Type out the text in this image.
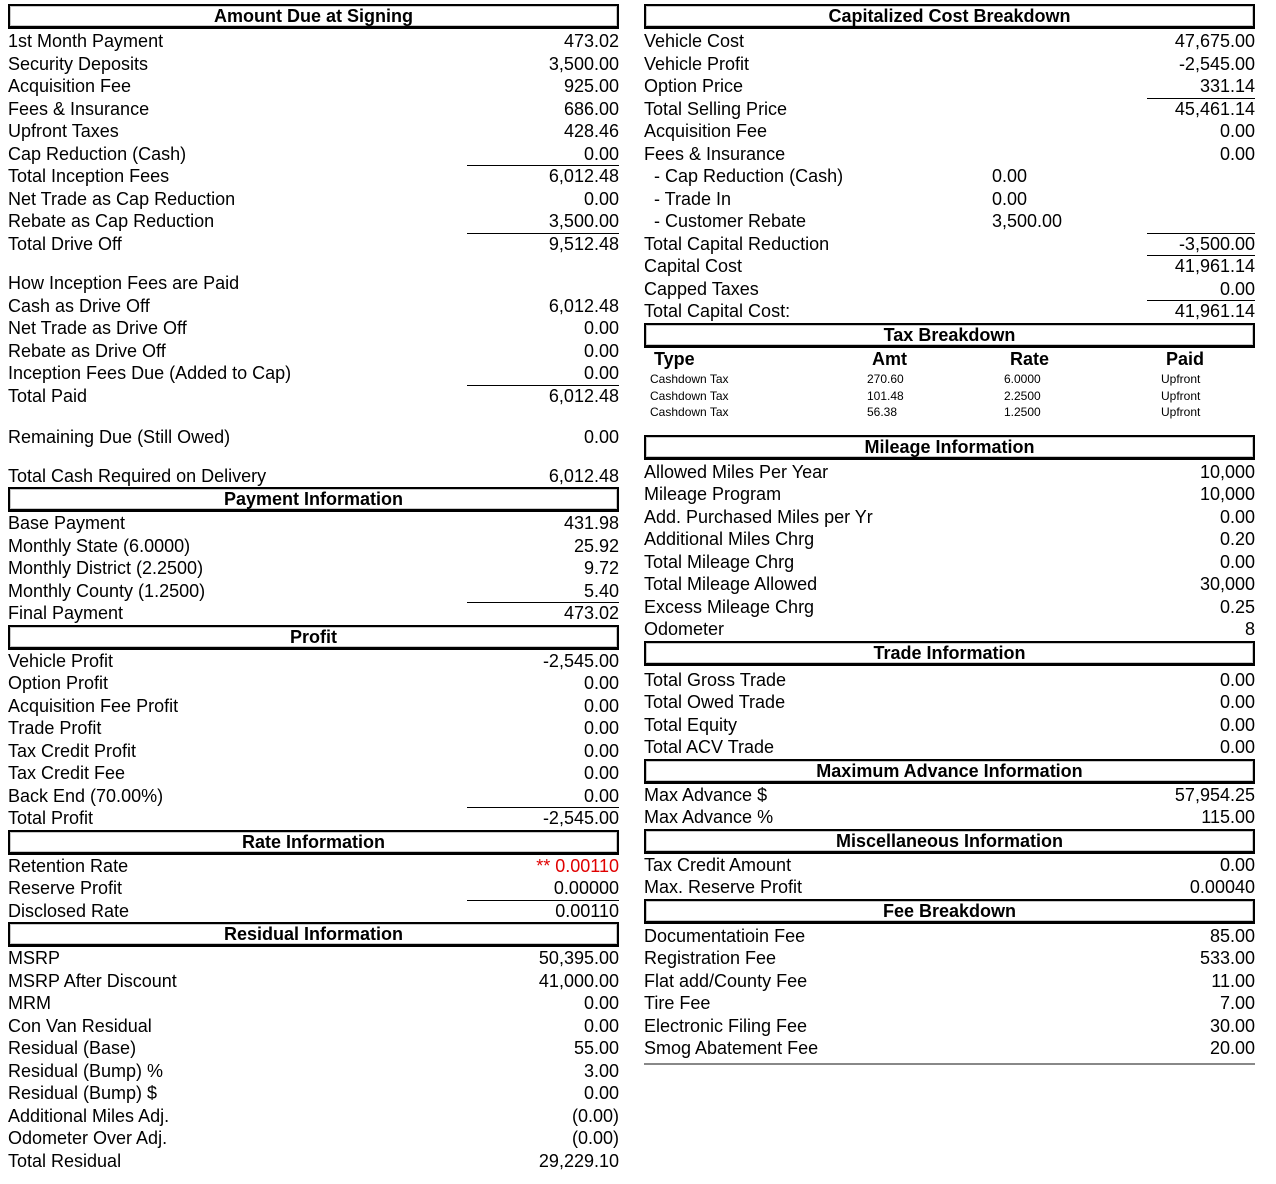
Amount Due at Signing
1st Month Payment	473.02
Security Deposits	3,500.00
Acquisition Fee	925.00
Fees & Insurance	686.00
Upfront Taxes	428.46
Cap Reduction (Cash)	0.00
Total Inception Fees	6,012.48
Net Trade as Cap Reduction	0.00
Rebate as Cap Reduction	3,500.00
Total Drive Off	9,512.48
How Inception Fees are Paid
Cash as Drive Off	6,012.48
Net Trade as Drive Off	0.00
Rebate as Drive Off	0.00
Inception Fees Due (Added to Cap)	0.00
Total Paid	6,012.48
Remaining Due (Still Owed)	0.00
Total Cash Required on Delivery	6,012.48
Payment Information
Base Payment	431.98
Monthly State (6.0000)	25.92
Monthly District (2.2500)	9.72
Monthly County (1.2500)	5.40
Final Payment	473.02
Profit
Vehicle Profit	-2,545.00
Option Profit	0.00
Acquisition Fee Profit	0.00
Trade Profit	0.00
Tax Credit Profit	0.00
Tax Credit Fee	0.00
Back End (70.00%)	0.00
Total Profit	-2,545.00
Rate Information
Retention Rate	** 0.00110
Reserve Profit	0.00000
Disclosed Rate	0.00110
Residual Information
MSRP	50,395.00
MSRP After Discount	41,000.00
MRM	0.00
Con Van Residual	0.00
Residual (Base)	55.00
Residual (Bump) %	3.00
Residual (Bump) $	0.00
Additional Miles Adj.	(0.00)
Odometer Over Adj.	(0.00)
Total Residual	29,229.10
Capitalized Cost Breakdown
Vehicle Cost	47,675.00
Vehicle Profit	-2,545.00
Option Price	331.14
Total Selling Price	45,461.14
Acquisition Fee	0.00
Fees & Insurance	0.00
- Cap Reduction (Cash)	0.00
- Trade In	0.00
- Customer Rebate	3,500.00
Total Capital Reduction	-3,500.00
Capital Cost	41,961.14
Capped Taxes	0.00
Total Capital Cost:	41,961.14
Tax Breakdown
Type	Amt	Rate	Paid
Cashdown Tax	270.60	6.0000	Upfront
Cashdown Tax	101.48	2.2500	Upfront
Cashdown Tax	56.38	1.2500	Upfront
Mileage Information
Allowed Miles Per Year	10,000
Mileage Program	10,000
Add. Purchased Miles per Yr	0.00
Additional Miles Chrg	0.20
Total Mileage Chrg	0.00
Total Mileage Allowed	30,000
Excess Mileage Chrg	0.25
Odometer	8
Trade Information
Total Gross Trade	0.00
Total Owed Trade	0.00
Total Equity	0.00
Total ACV Trade	0.00
Maximum Advance Information
Max Advance $	57,954.25
Max Advance %	115.00
Miscellaneous Information
Tax Credit Amount	0.00
Max. Reserve Profit	0.00040
Fee Breakdown
Documentatioin Fee	85.00
Registration Fee	533.00
Flat add/County Fee	11.00
Tire Fee	7.00
Electronic Filing Fee	30.00
Smog Abatement Fee	20.00
